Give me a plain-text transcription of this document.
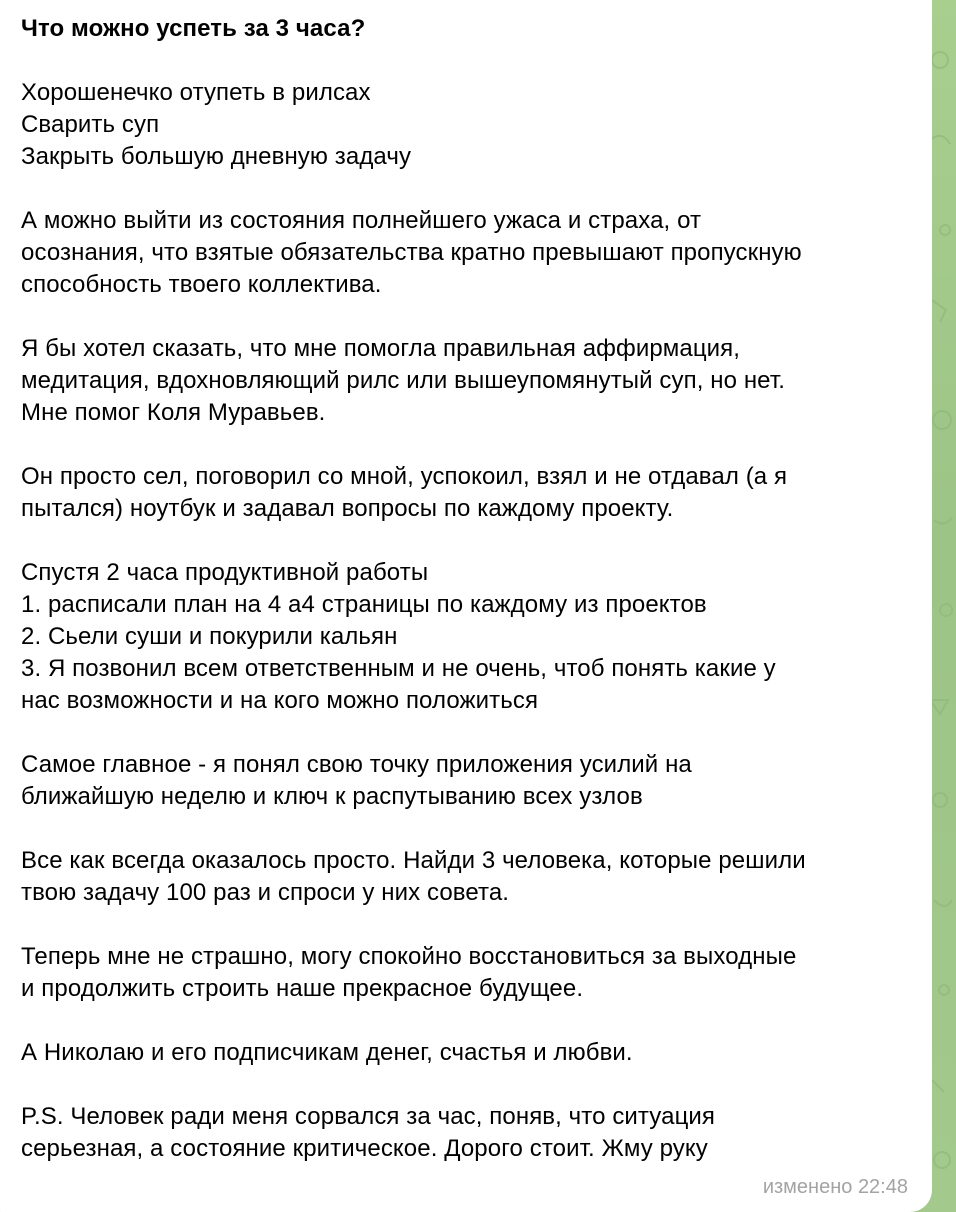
Что можно успеть за 3 часа?
Хорошенечко отупеть в рилсах
Сварить суп
Закрыть большую дневную задачу
А можно выйти из состояния полнейшего ужаса и страха, от
осознания, что взятые обязательства кратно превышают пропускную
способность твоего коллектива.
Я бы хотел сказать, что мне помогла правильная аффирмация,
медитация, вдохновляющий рилс или вышеупомянутый суп, но нет.
Мне помог Коля Муравьев.
Он просто сел, поговорил со мной, успокоил, взял и не отдавал (а я
пытался) ноутбук и задавал вопросы по каждому проекту.
Спустя 2 часа продуктивной работы
1. расписали план на 4 а4 страницы по каждому из проектов
2. Сьели суши и покурили кальян
3. Я позвонил всем ответственным и не очень, чтоб понять какие у
нас возможности и на кого можно положиться
Самое главное - я понял свою точку приложения усилий на
ближайшую неделю и ключ к распутыванию всех узлов
Все как всегда оказалось просто. Найди 3 человека, которые решили
твою задачу 100 раз и спроси у них совета.
Теперь мне не страшно, могу спокойно восстановиться за выходные
и продолжить строить наше прекрасное будущее.
А Николаю и его подписчикам денег, счастья и любви.
P.S. Человек ради меня сорвался за час, поняв, что ситуация
серьезная, а состояние критическое. Дорого стоит. Жму руку
изменено 22:48
